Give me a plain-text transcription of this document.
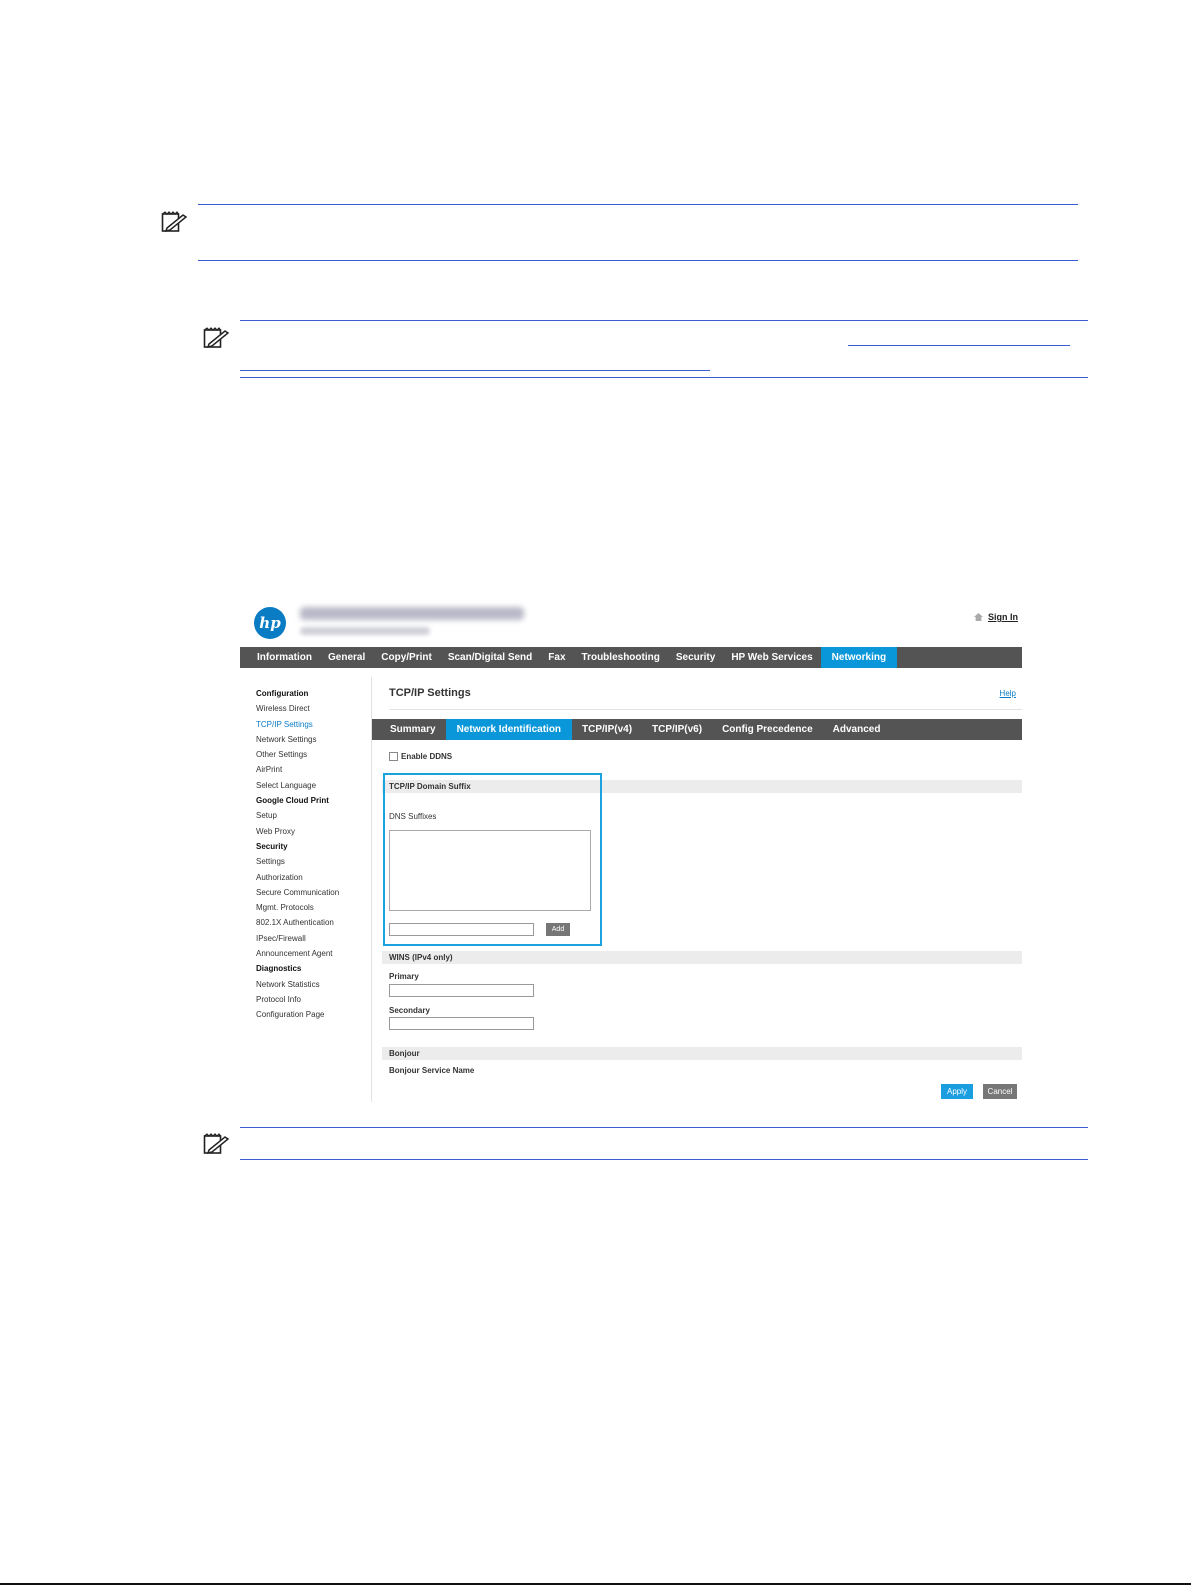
hp	Sign In
Information	General	Copy/Print	Scan/Digital Send	Fax	Troubleshooting	Security	HP Web Services	Networking
Configuration
Wireless Direct
TCP/IP Settings
Network Settings
Other Settings
AirPrint
Select Language
Google Cloud Print
Setup
Web Proxy
Security
Settings
Authorization
Secure Communication
Mgmt. Protocols
802.1X Authentication
IPsec/Firewall
Announcement Agent
Diagnostics
Network Statistics
Protocol Info
Configuration Page
TCP/IP Settings	Help
Summary	Network Identification	TCP/IP(v4)	TCP/IP(v6)	Config Precedence	Advanced
Enable DDNS
TCP/IP Domain Suffix
DNS Suffixes
Add
WINS (IPv4 only)
Primary
Secondary
Bonjour
Bonjour Service Name
Apply	Cancel
